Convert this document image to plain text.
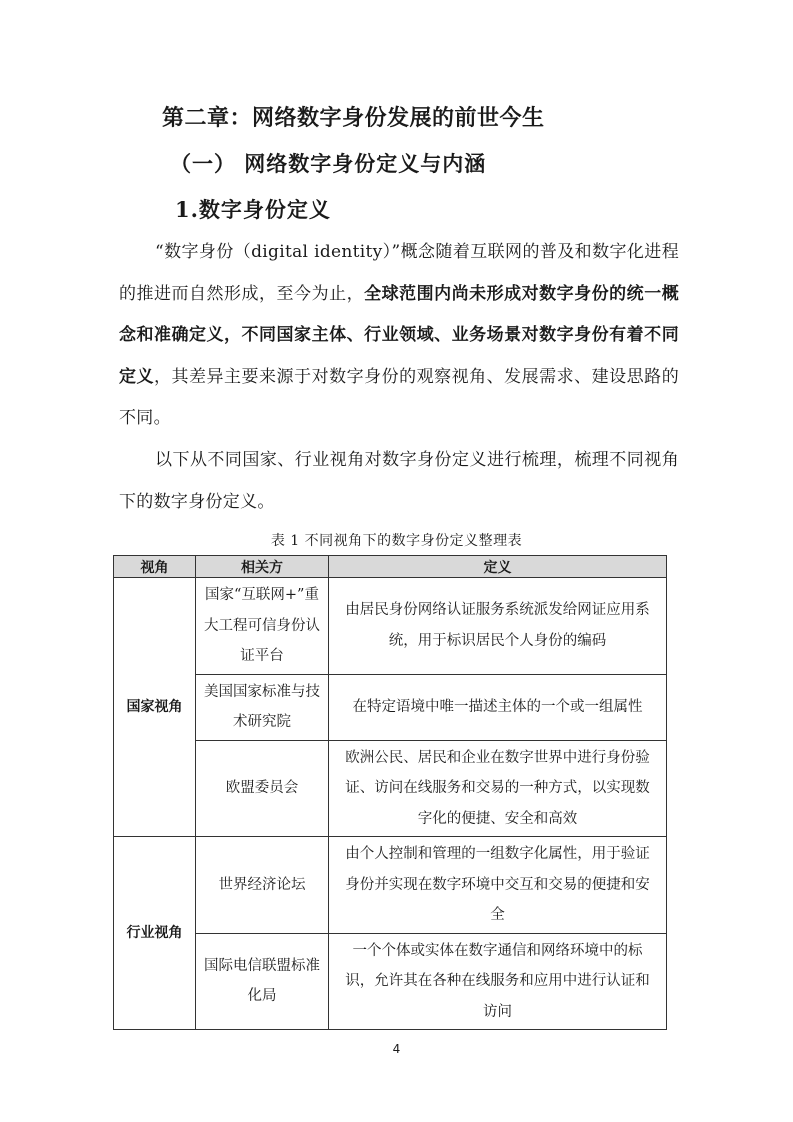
第二章：网络数字身份发展的前世今生
（一） 网络数字身份定义与内涵
1.数字身份定义

“数字身份（digital identity）”概念随着互联网的普及和数字化进程的推进而自然形成，至今为止，全球范围内尚未形成对数字身份的统一概念和准确定义，不同国家主体、行业领域、业务场景对数字身份有着不同定义，其差异主要来源于对数字身份的观察视角、发展需求、建设思路的不同。

以下从不同国家、行业视角对数字身份定义进行梳理，梳理不同视角下的数字身份定义。

表 1 不同视角下的数字身份定义整理表

视角	相关方	定义
国家视角	国家“互联网+”重大工程可信身份认证平台	由居民身份网络认证服务系统派发给网证应用系统，用于标识居民个人身份的编码
	美国国家标准与技术研究院	在特定语境中唯一描述主体的一个或一组属性
	欧盟委员会	欧洲公民、居民和企业在数字世界中进行身份验证、访问在线服务和交易的一种方式，以实现数字化的便捷、安全和高效
行业视角	世界经济论坛	由个人控制和管理的一组数字化属性，用于验证身份并实现在数字环境中交互和交易的便捷和安全
	国际电信联盟标准化局	一个个体或实体在数字通信和网络环境中的标识，允许其在各种在线服务和应用中进行认证和访问

4
